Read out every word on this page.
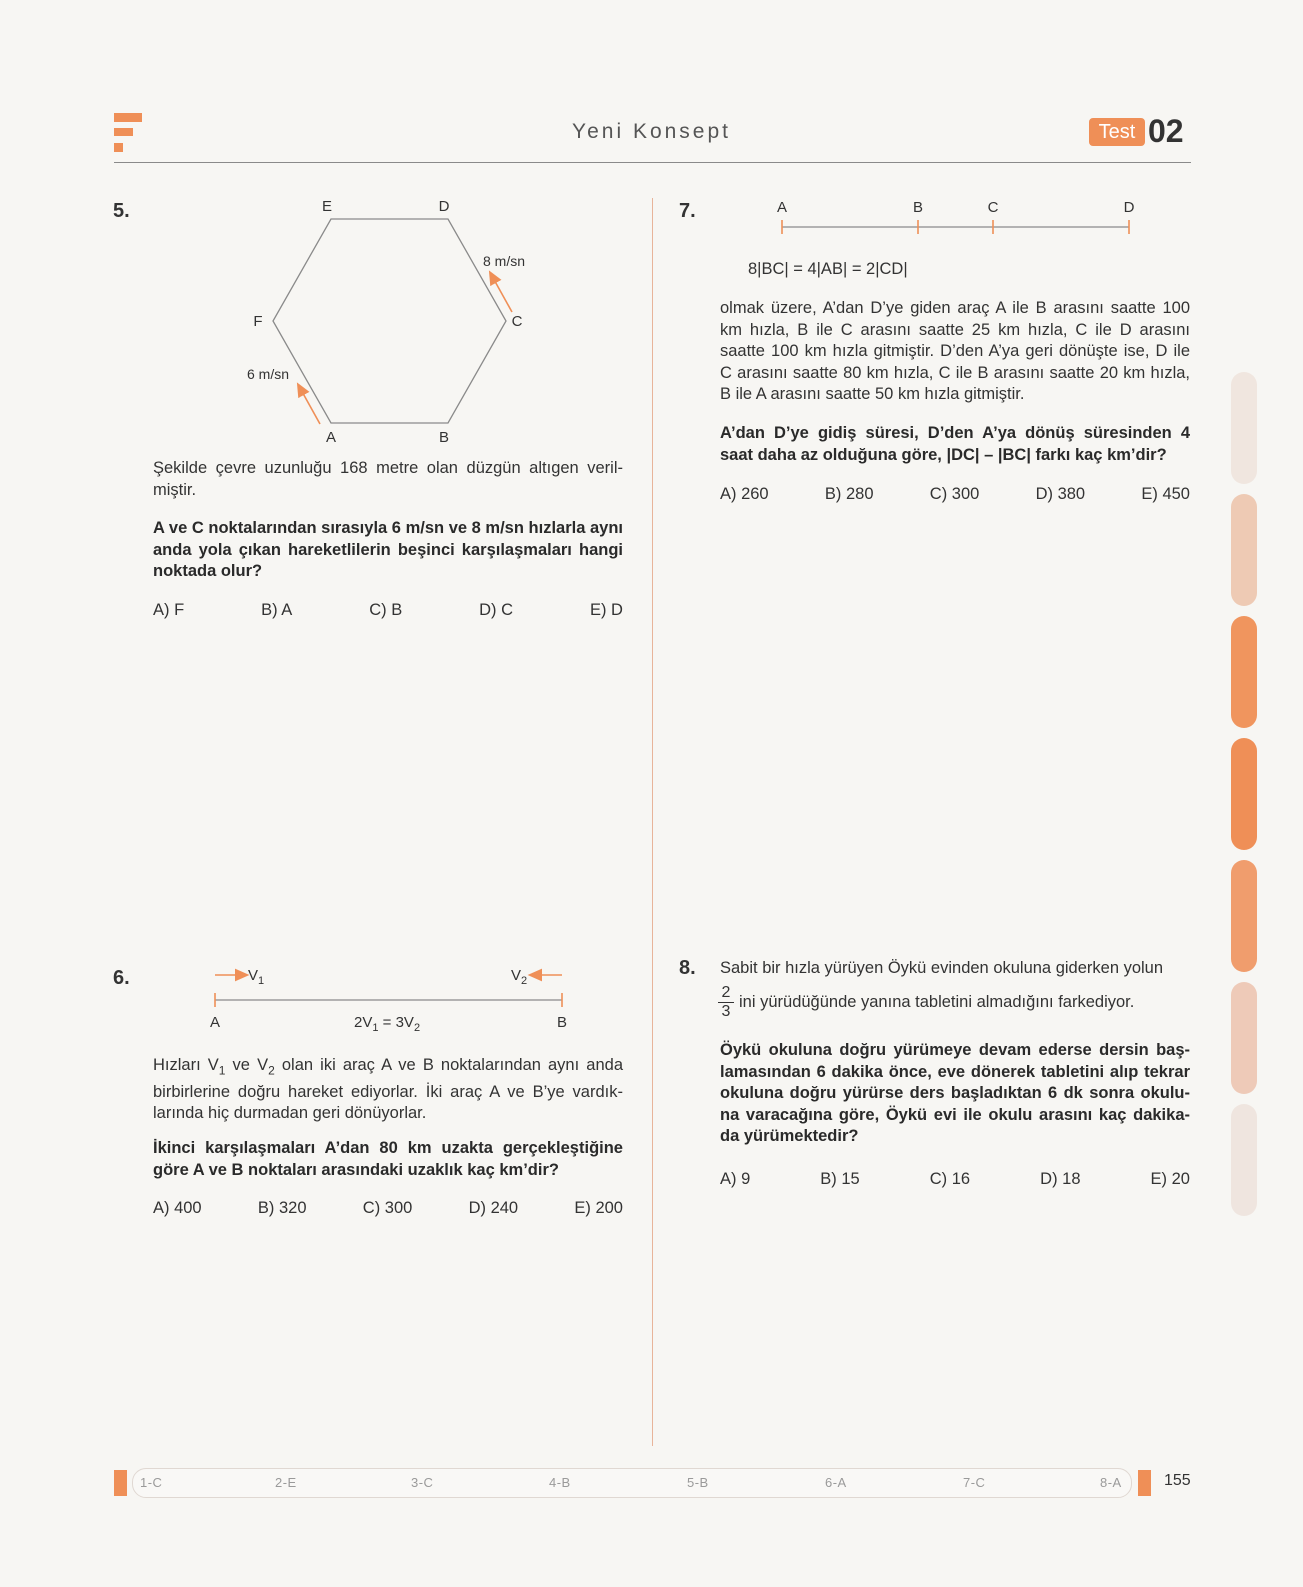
Yeni Konsept	Test 02
5.	E	D
F	C
A	B
8 m/sn
6 m/sn

Şekilde çevre uzunluğu 168 metre olan düzgün altıgen veril-miştir.

A ve C noktalarından sırasıyla 6 m/sn ve 8 m/sn hızlarla aynı anda yola çıkan hareketlilerin beşinci karşılaşmaları hangi noktada olur?

A) F	B) A	C) B	D) C	E) D
6.	$V_1$	$V_2$
A	B
$2V_1 = 3V_2$

Hızları $V_1$ ve $V_2$ olan iki araç A ve B noktalarından aynı anda birbirlerine doğru hareket ediyorlar. İki araç A ve B’ye vardık-larında hiç durmadan geri dönüyorlar.

İkinci karşılaşmaları A’dan 80 km uzakta gerçekleştiğine göre A ve B noktaları arasındaki uzaklık kaç km’dir?

A) 400	B) 320	C) 300	D) 240	E) 200
7.	A	B	C	D
8|BC| = 4|AB| = 2|CD|

olmak üzere, A’dan D’ye giden araç A ile B arasını saatte 100 km hızla, B ile C arasını saatte 25 km hızla, C ile D arasını saatte 100 km hızla gitmiştir. D’den A’ya geri dönüşte ise, D ile C arasını saatte 80 km hızla, C ile B arasını saatte 20 km hızla, B ile A arasını saatte 50 km hızla gitmiştir.

A’dan D’ye gidiş süresi, D’den A’ya dönüş süresinden 4 saat daha az olduğuna göre, |DC| – |BC| farkı kaç km’dir?

A) 260	B) 280	C) 300	D) 380	E) 450
8. Sabit bir hızla yürüyen Öykü evinden okuluna giderken yolun
$\frac{2}{3}$ ini yürüdüğünde yanına tabletini almadığını farkediyor.

Öykü okuluna doğru yürümeye devam ederse dersin baş-lamasından 6 dakika önce, eve dönerek tabletini alıp tekrar okuluna doğru yürürse ders başladıktan 6 dk sonra okulu-na varacağına göre, Öykü evi ile okulu arasını kaç dakika-da yürümektedir?

A) 9	B) 15	C) 16	D) 18	E) 20
1-C	2-E	3-C	4-B	5-B	6-A	7-C	8-A	155
